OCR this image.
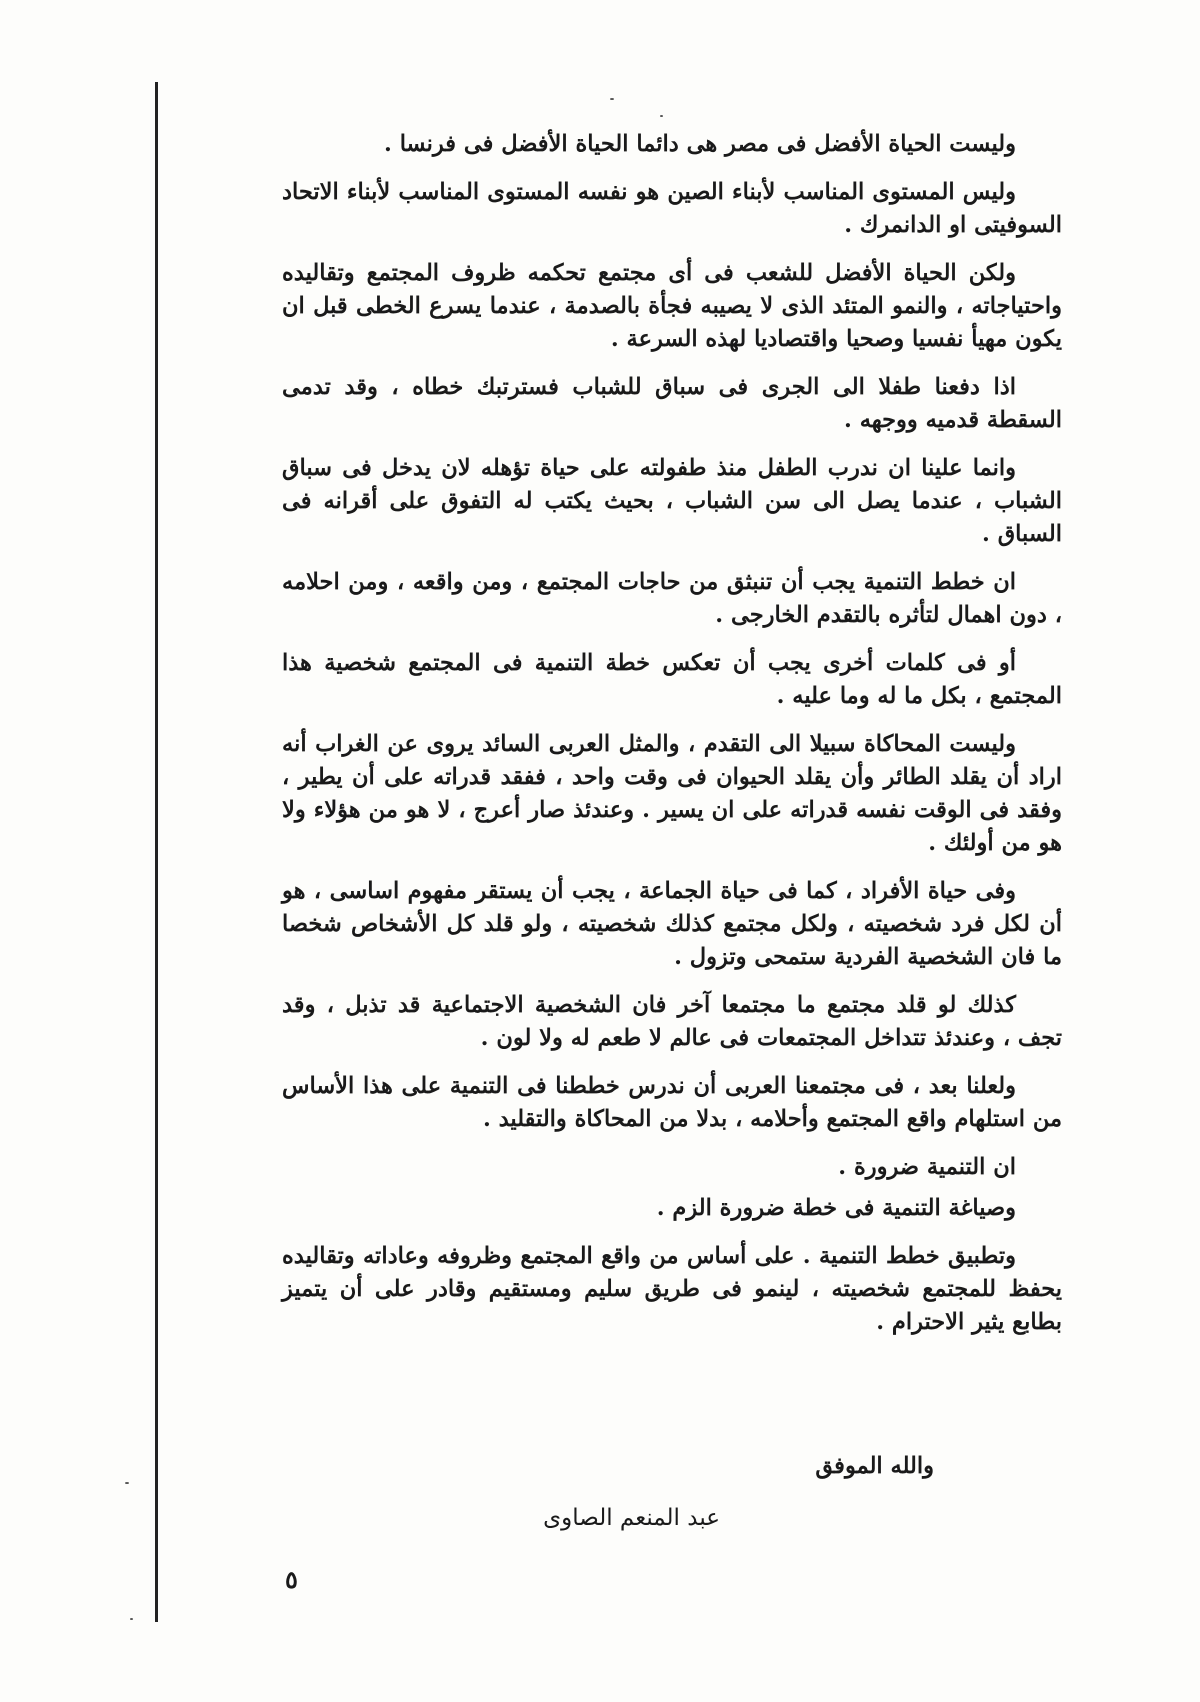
وليست الحياة الأفضل فى مصر هى دائما الحياة الأفضل فى فرنسا .

وليس المستوى المناسب لأبناء الصين هو نفسه المستوى المناسب لأبناء الاتحاد السوفيتى او الدانمرك .

ولكن الحياة الأفضل للشعب فى أى مجتمع تحكمه ظروف المجتمع وتقاليده واحتياجاته ، والنمو المتئد الذى لا يصيبه فجأة بالصدمة ، عندما يسرع الخطى قبل ان يكون مهيأ نفسيا وصحيا واقتصاديا لهذه السرعة .

اذا دفعنا طفلا الى الجرى فى سباق للشباب فسترتبك خطاه ، وقد تدمى السقطة قدميه ووجهه .

وانما علينا ان ندرب الطفل منذ طفولته على حياة تؤهله لان يدخل فى سباق الشباب ، عندما يصل الى سن الشباب ، بحيث يكتب له التفوق على أقرانه فى السباق .

ان خطط التنمية يجب أن تنبثق من حاجات المجتمع ، ومن واقعه ، ومن احلامه ، دون اهمال لتأثره بالتقدم الخارجى .

أو فى كلمات أخرى يجب أن تعكس خطة التنمية فى المجتمع شخصية هذا المجتمع ، بكل ما له وما عليه .

وليست المحاكاة سبيلا الى التقدم ، والمثل العربى السائد يروى عن الغراب أنه اراد أن يقلد الطائر وأن يقلد الحيوان فى وقت واحد ، ففقد قدراته على أن يطير ، وفقد فى الوقت نفسه قدراته على ان يسير . وعندئذ صار أعرج ، لا هو من هؤلاء ولا هو من أولئك .

وفى حياة الأفراد ، كما فى حياة الجماعة ، يجب أن يستقر مفهوم اساسى ، هو أن لكل فرد شخصيته ، ولكل مجتمع كذلك شخصيته ، ولو قلد كل الأشخاص شخصا ما فان الشخصية الفردية ستمحى وتزول .

كذلك لو قلد مجتمع ما مجتمعا آخر فان الشخصية الاجتماعية قد تذبل ، وقد تجف ، وعندئذ تتداخل المجتمعات فى عالم لا طعم له ولا لون .

ولعلنا بعد ، فى مجتمعنا العربى أن ندرس خططنا فى التنمية على هذا الأساس من استلهام واقع المجتمع وأحلامه ، بدلا من المحاكاة والتقليد .

ان التنمية ضرورة .

وصياغة التنمية فى خطة ضرورة الزم .

وتطبيق خطط التنمية . على أساس من واقع المجتمع وظروفه وعاداته وتقاليده يحفظ للمجتمع شخصيته ، لينمو فى طريق سليم ومستقيم وقادر على أن يتميز بطابع يثير الاحترام .

والله الموفق
عبد المنعم الصاوى
٥
